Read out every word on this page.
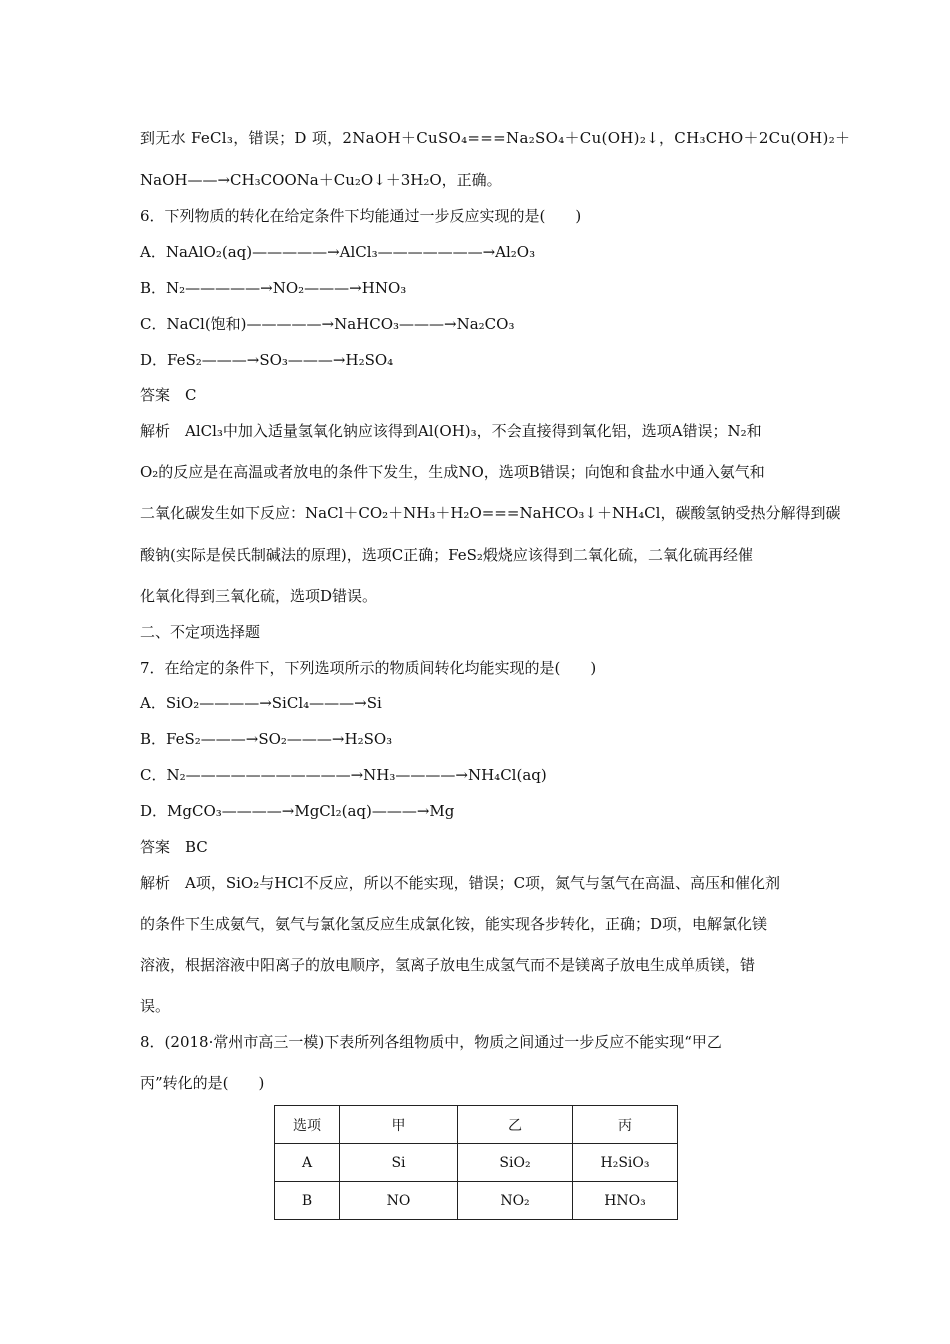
到无水 FeCl₃，错误；D 项，2NaOH＋CuSO₄===Na₂SO₄＋Cu(OH)₂↓，CH₃CHO＋2Cu(OH)₂＋
NaOH——→CH₃COONa＋Cu₂O↓＋3H₂O，正确。
6．下列物质的转化在给定条件下均能通过一步反应实现的是(　　)
A．NaAlO₂(aq)—————→AlCl₃———————→Al₂O₃
B．N₂—————→NO₂———→HNO₃
C．NaCl(饱和)—————→NaHCO₃———→Na₂CO₃
D．FeS₂———→SO₃———→H₂SO₄
答案　C
解析　AlCl₃中加入适量氢氧化钠应该得到Al(OH)₃，不会直接得到氧化铝，选项A错误；N₂和
O₂的反应是在高温或者放电的条件下发生，生成NO，选项B错误；向饱和食盐水中通入氨气和
二氧化碳发生如下反应：NaCl＋CO₂＋NH₃＋H₂O===NaHCO₃↓＋NH₄Cl，碳酸氢钠受热分解得到碳
酸钠(实际是侯氏制碱法的原理)，选项C正确；FeS₂煅烧应该得到二氧化硫，二氧化硫再经催
化氧化得到三氧化硫，选项D错误。
二、不定项选择题
7．在给定的条件下，下列选项所示的物质间转化均能实现的是(　　)
A．SiO₂————→SiCl₄———→Si
B．FeS₂———→SO₂———→H₂SO₃
C．N₂———————————→NH₃————→NH₄Cl(aq)
D．MgCO₃————→MgCl₂(aq)———→Mg
答案　BC
解析　A项，SiO₂与HCl不反应，所以不能实现，错误；C项，氮气与氢气在高温、高压和催化剂
的条件下生成氨气，氨气与氯化氢反应生成氯化铵，能实现各步转化，正确；D项，电解氯化镁
溶液，根据溶液中阳离子的放电顺序，氢离子放电生成氢气而不是镁离子放电生成单质镁，错
误。
8．(2018·常州市高三一模)下表所列各组物质中，物质之间通过一步反应不能实现“甲乙
丙”转化的是(　　)
选项	甲	乙	丙
A	Si	SiO₂	H₂SiO₃
B	NO	NO₂	HNO₃
